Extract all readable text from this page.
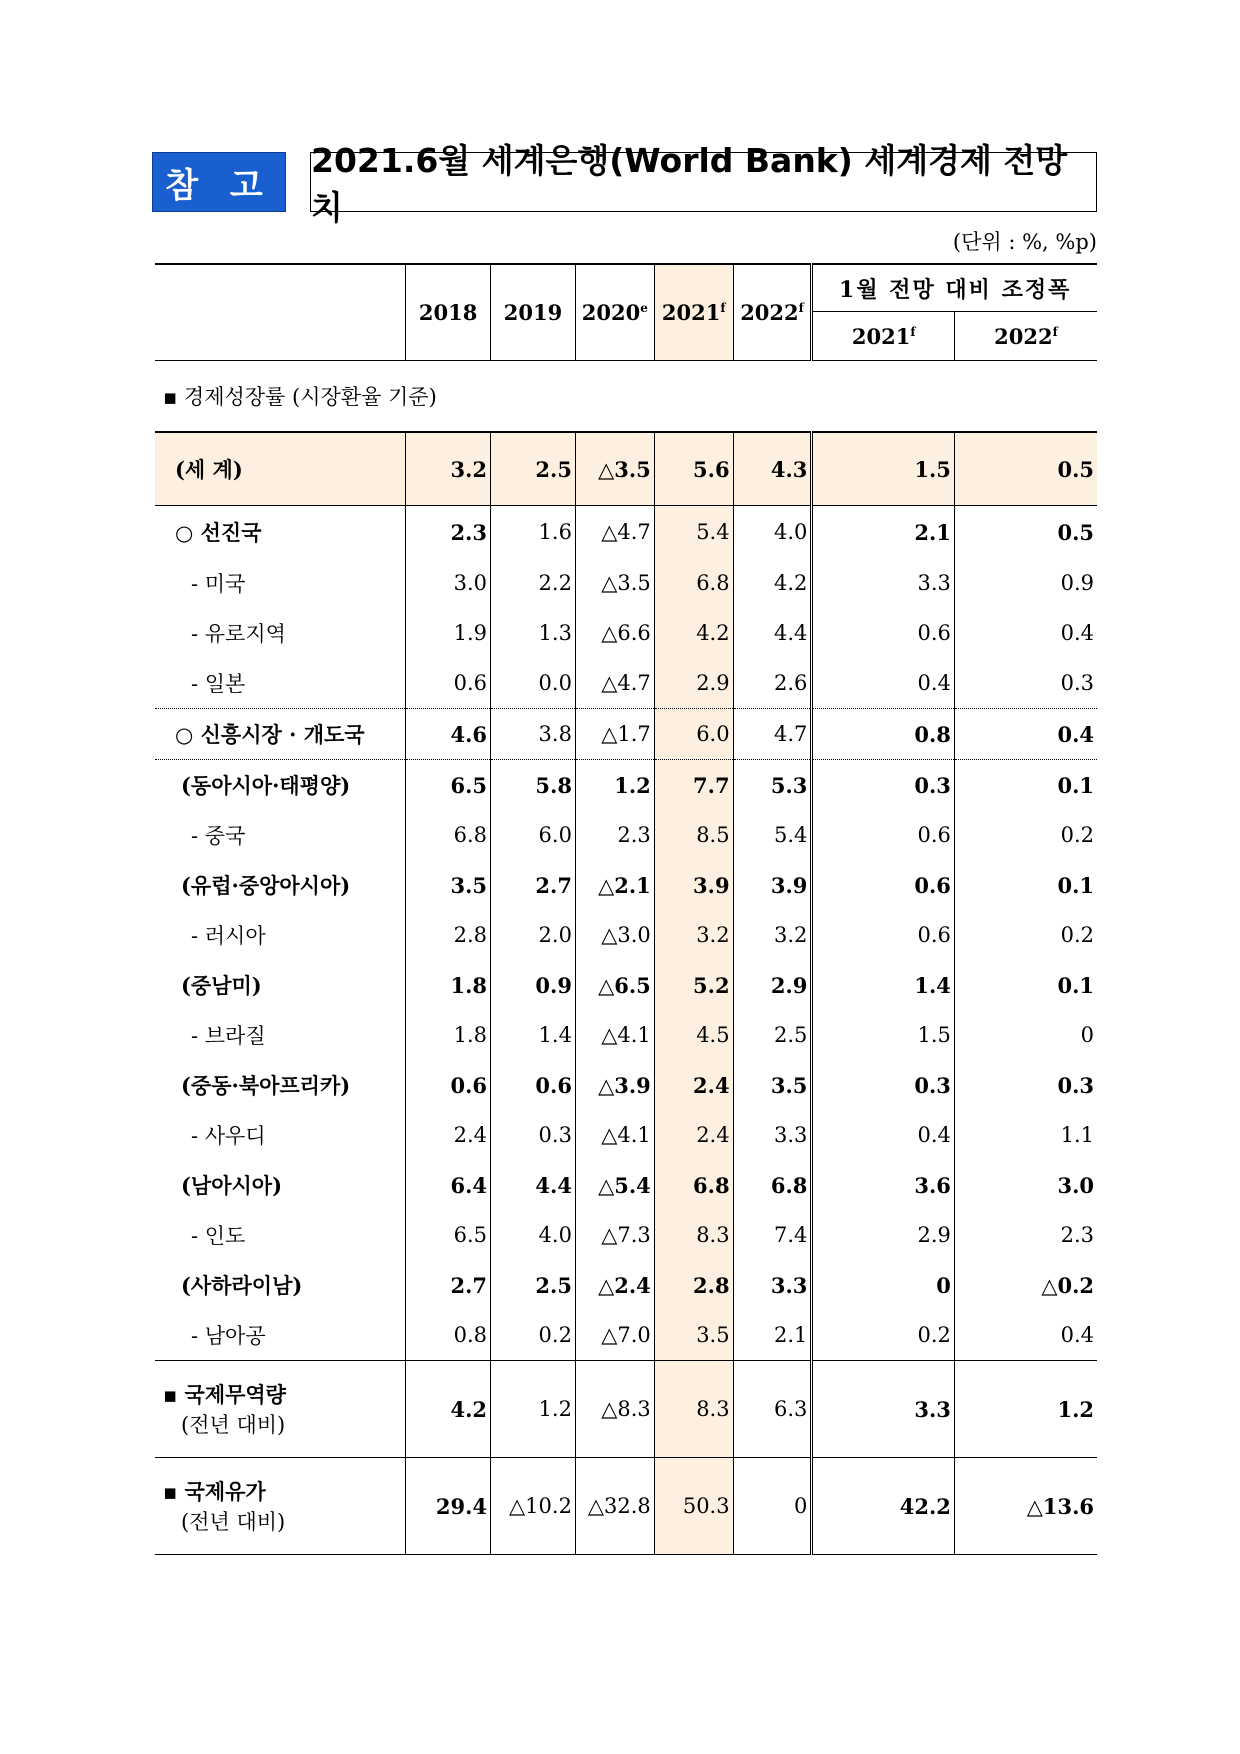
참 고
2021.6월 세계은행(World Bank) 세계경제 전망치
(단위 : %, %p)
	2018	2019	2020e	2021$^f$	2022$^f$	1월 전망 대비 조정폭	
						2021$^f$	2022$^f$
▪ 경제성장률 (시장환율 기준)							
(세 계)	3.2	2.5	△3.5	5.6	4.3	1.5	0.5
○ 선진국	2.3	1.6	△4.7	5.4	4.0	2.1	0.5
- 미국	3.0	2.2	△3.5	6.8	4.2	3.3	0.9
- 유로지역	1.9	1.3	△6.6	4.2	4.4	0.6	0.4
- 일본	0.6	0.0	△4.7	2.9	2.6	0.4	0.3
○ 신흥시장 · 개도국	4.6	3.8	△1.7	6.0	4.7	0.8	0.4
(동아시아·태평양)	6.5	5.8	1.2	7.7	5.3	0.3	0.1
- 중국	6.8	6.0	2.3	8.5	5.4	0.6	0.2
(유럽·중앙아시아)	3.5	2.7	△2.1	3.9	3.9	0.6	0.1
- 러시아	2.8	2.0	△3.0	3.2	3.2	0.6	0.2
(중남미)	1.8	0.9	△6.5	5.2	2.9	1.4	0.1
- 브라질	1.8	1.4	△4.1	4.5	2.5	1.5	0
(중동·북아프리카)	0.6	0.6	△3.9	2.4	3.5	0.3	0.3
- 사우디	2.4	0.3	△4.1	2.4	3.3	0.4	1.1
(남아시아)	6.4	4.4	△5.4	6.8	6.8	3.6	3.0
- 인도	6.5	4.0	△7.3	8.3	7.4	2.9	2.3
(사하라이남)	2.7	2.5	△2.4	2.8	3.3	0	△0.2
- 남아공	0.8	0.2	△7.0	3.5	2.1	0.2	0.4

▪ 국제무역량
(전년 대비)	4.2	1.2	△8.3	8.3	6.3	3.3	1.2

▪ 국제유가
(전년 대비)	29.4	△10.2	△32.8	50.3	0	42.2	△13.6
